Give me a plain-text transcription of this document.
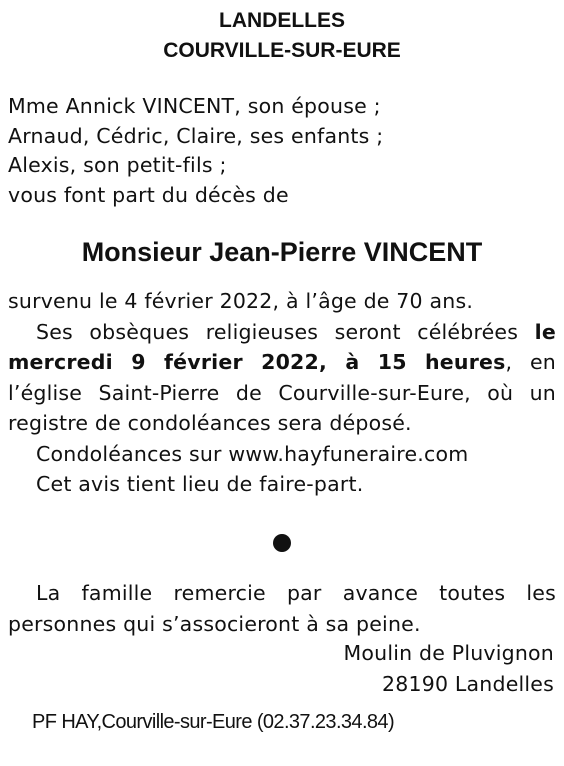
LANDELLES
COURVILLE-SUR-EURE
Mme Annick VINCENT, son épouse ;
Arnaud, Cédric, Claire, ses enfants ;
Alexis, son petit-fils ;
vous font part du décès de
Monsieur Jean-Pierre VINCENT

survenu le 4 février 2022, à l’âge de 70 ans.

Ses obsèques religieuses seront célébrées le mercredi 9 février 2022, à 15 heures, en l’église Saint-Pierre de Courville-sur-Eure, où un registre de condoléances sera déposé.

Condoléances sur www.hayfuneraire.com

Cet avis tient lieu de faire-part.

La famille remercie par avance toutes les personnes qui s’associeront à sa peine.

Moulin de Pluvignon
28190 Landelles
PF HAY,Courville-sur-Eure (02.37.23.34.84)
